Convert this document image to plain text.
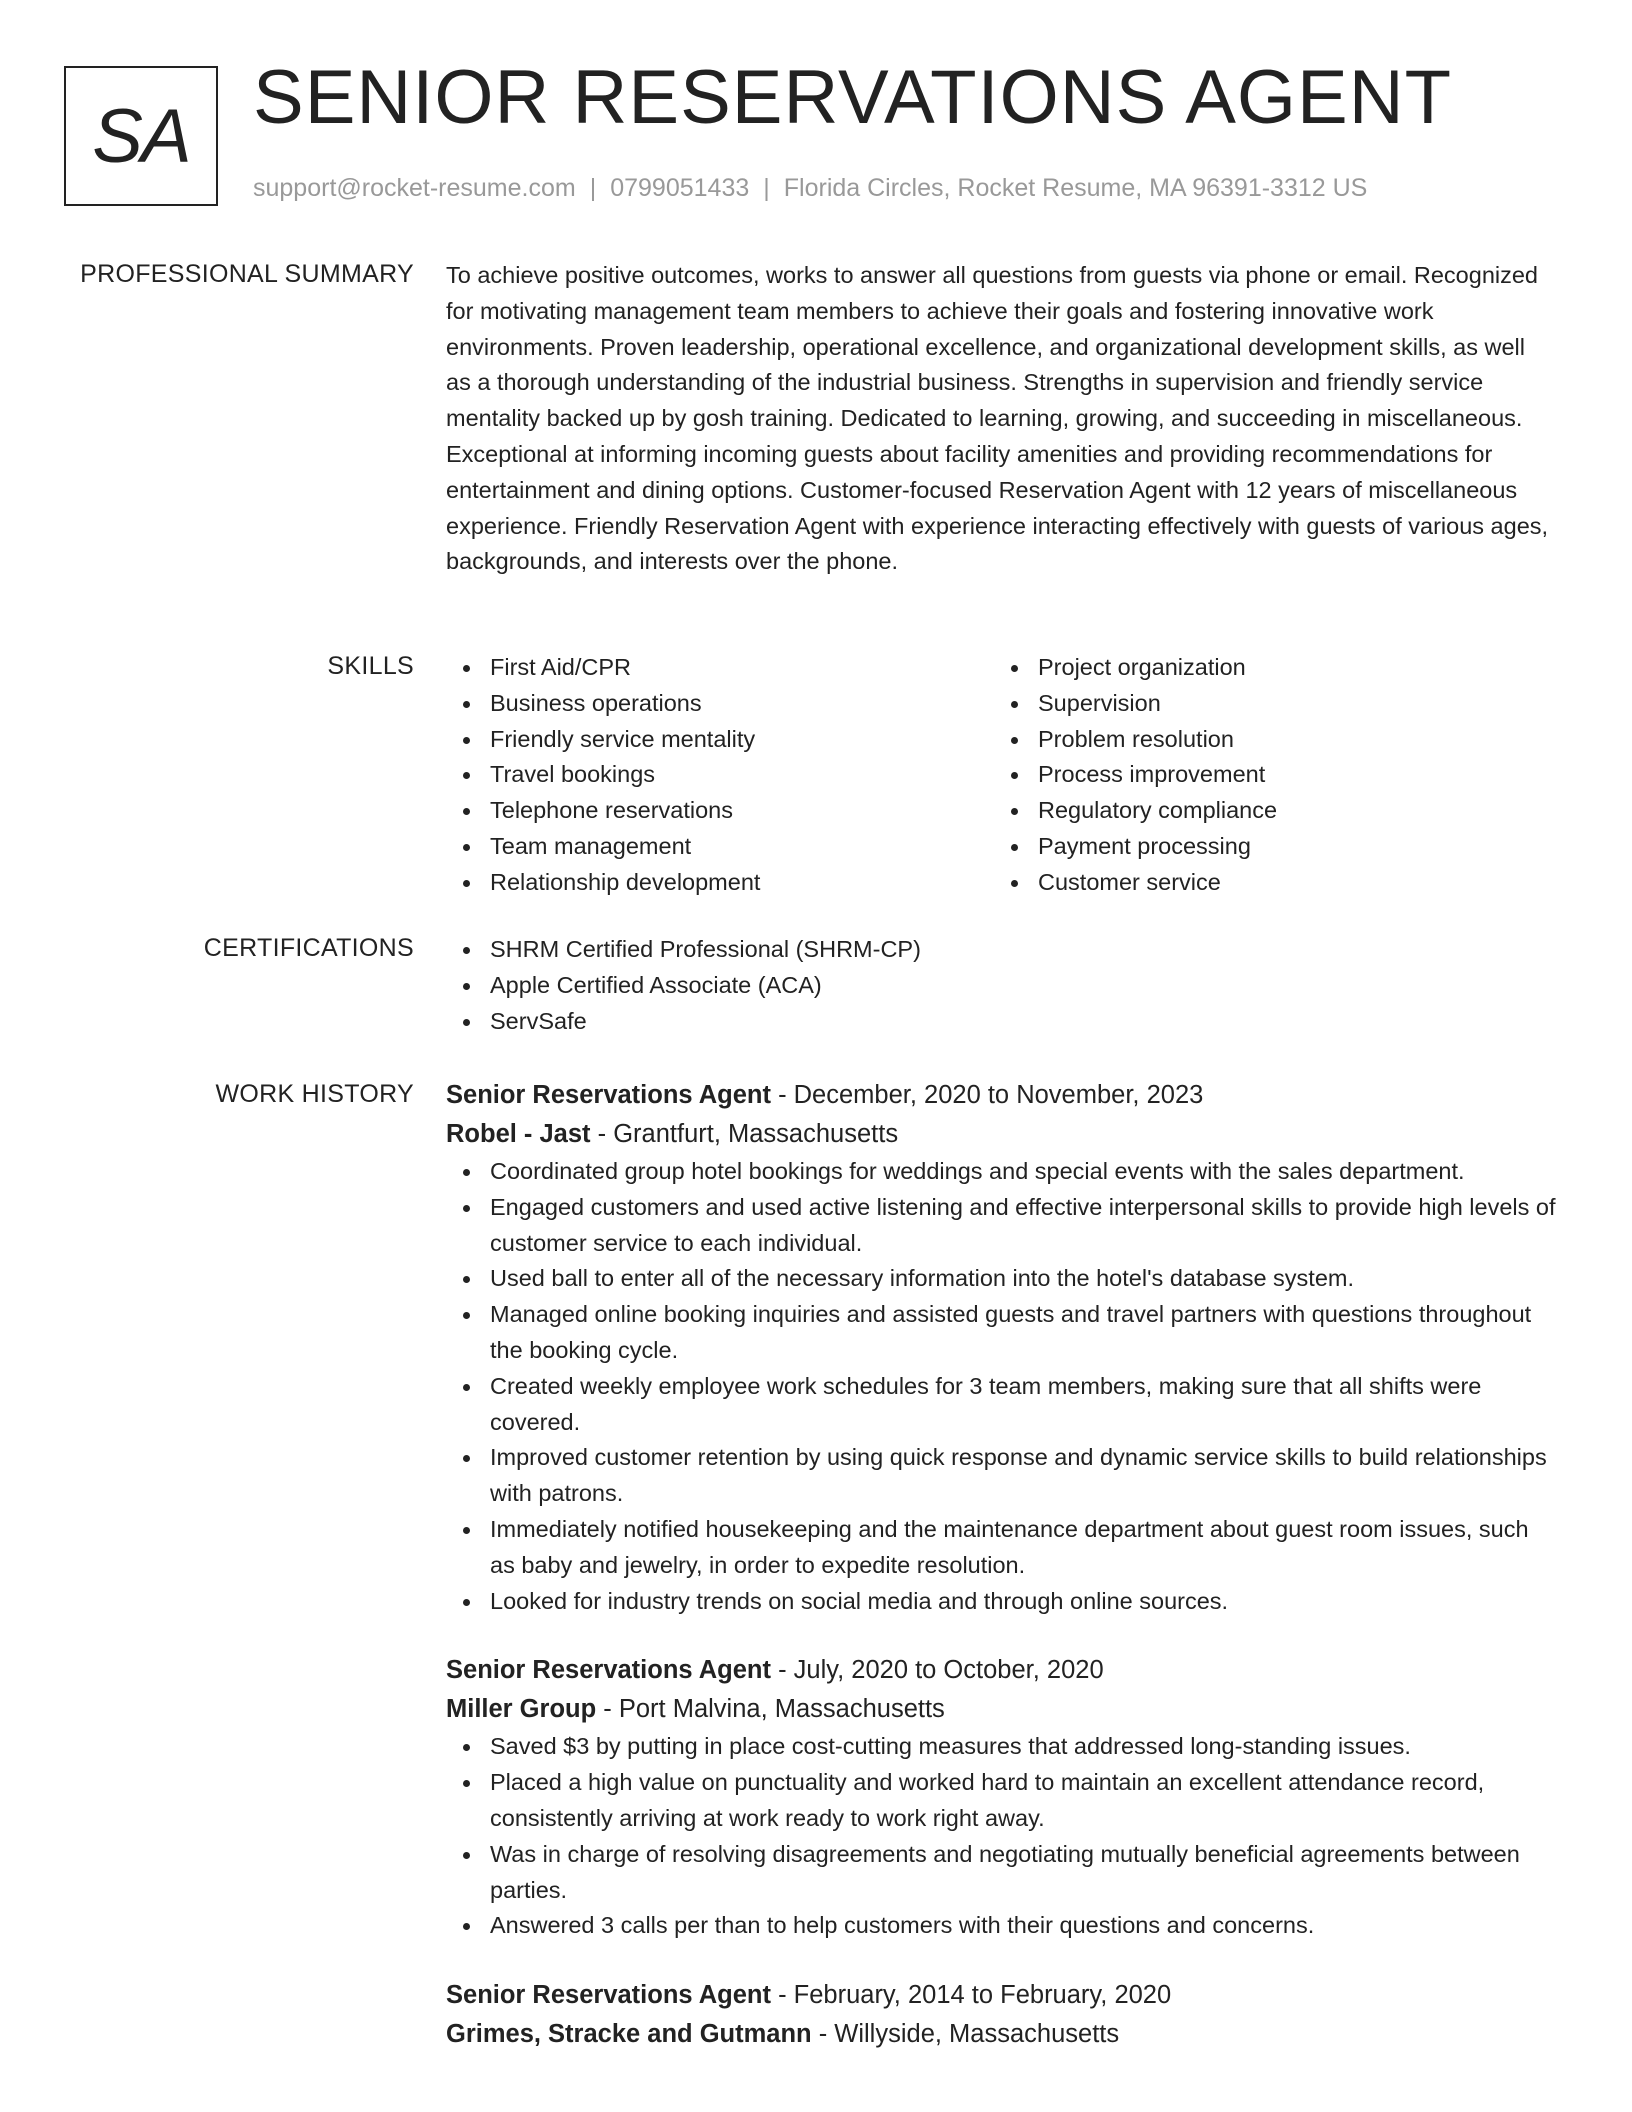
SA SENIOR RESERVATIONS AGENT
support@rocket-resume.com | 0799051433 | Florida Circles, Rocket Resume, MA 96391-3312 US
PROFESSIONAL SUMMARY To achieve positive outcomes, works to answer all questions from guests via phone or email. Recognized for motivating management team members to achieve their goals and fostering innovative work environments. Proven leadership, operational excellence, and organizational development skills, as well as a thorough understanding of the industrial business. Strengths in supervision and friendly service mentality backed up by gosh training. Dedicated to learning, growing, and succeeding in miscellaneous. Exceptional at informing incoming guests about facility amenities and providing recommendations for entertainment and dining options. Customer-focused Reservation Agent with 12 years of miscellaneous experience. Friendly Reservation Agent with experience interacting effectively with guests of various ages, backgrounds, and interests over the phone.

SKILLS	First Aid/CPR
Business operations
Friendly service mentality
Travel bookings
Telephone reservations
Team management
Relationship development
Project organization
Supervision
Problem resolution
Process improvement
Regulatory compliance
Payment processing
Customer service
CERTIFICATIONS	SHRM Certified Professional (SHRM-CP)
Apple Certified Associate (ACA)
ServSafe
WORK HISTORY Senior Reservations Agent - December, 2020 to November, 2023
Robel - Jast - Grantfurt, Massachusetts
Coordinated group hotel bookings for weddings and special events with the sales department.
Engaged customers and used active listening and effective interpersonal skills to provide high levels of customer service to each individual.
Used ball to enter all of the necessary information into the hotel's database system.
Managed online booking inquiries and assisted guests and travel partners with questions throughout the booking cycle.
Created weekly employee work schedules for 3 team members, making sure that all shifts were covered.
Improved customer retention by using quick response and dynamic service skills to build relationships with patrons.
Immediately notified housekeeping and the maintenance department about guest room issues, such as baby and jewelry, in order to expedite resolution.
Looked for industry trends on social media and through online sources.
Senior Reservations Agent - July, 2020 to October, 2020
Miller Group - Port Malvina, Massachusetts
Saved $3 by putting in place cost-cutting measures that addressed long-standing issues.
Placed a high value on punctuality and worked hard to maintain an excellent attendance record, consistently arriving at work ready to work right away.
Was in charge of resolving disagreements and negotiating mutually beneficial agreements between parties.
Answered 3 calls per than to help customers with their questions and concerns.
Senior Reservations Agent - February, 2014 to February, 2020
Grimes, Stracke and Gutmann - Willyside, Massachusetts
